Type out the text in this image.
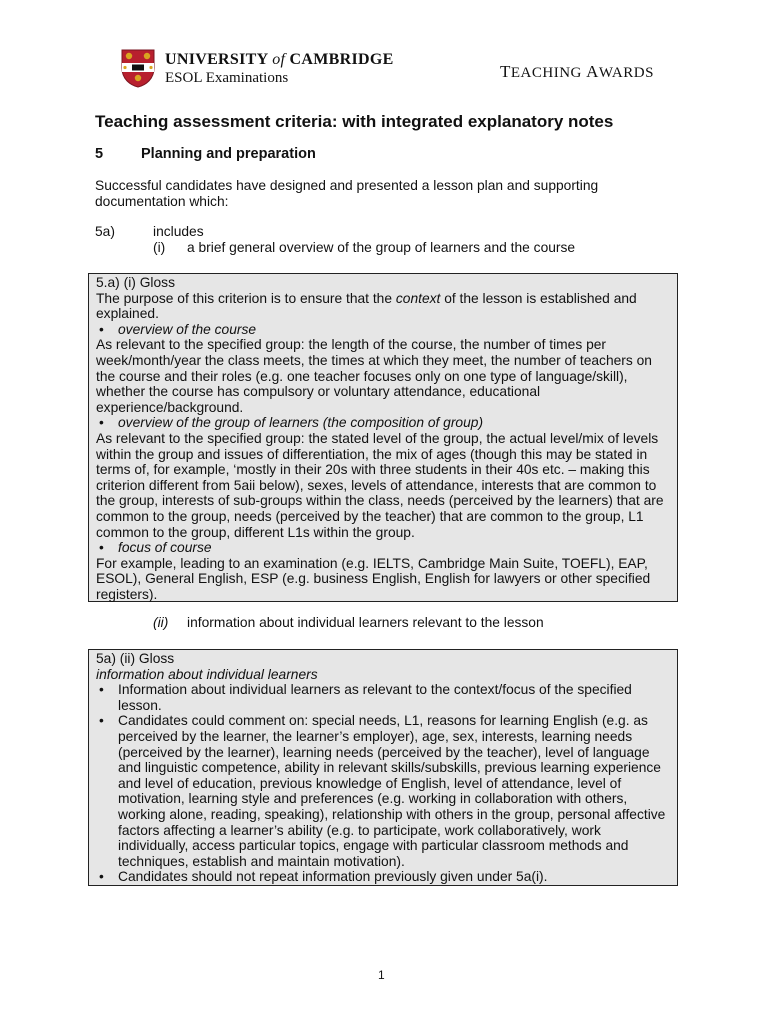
UNIVERSITY of CAMBRIDGE
ESOL Examinations	TEACHING AWARDS
Teaching assessment criteria: with integrated explanatory notes
5	Planning and preparation
Successful candidates have designed and presented a lesson plan and supporting documentation which:
5a)	includes
(i) a brief general overview of the group of learners and the course

5.a) (i) Gloss

The purpose of this criterion is to ensure that the context of the lesson is established and explained.

• overview of the course

As relevant to the specified group: the length of the course, the number of times per week/month/year the class meets, the times at which they meet, the number of teachers on the course and their roles (e.g. one teacher focuses only on one type of language/skill), whether the course has compulsory or voluntary attendance, educational experience/background.

• overview of the group of learners (the composition of group)

As relevant to the specified group: the stated level of the group, the actual level/mix of levels within the group and issues of differentiation, the mix of ages (though this may be stated in terms of, for example, ‘mostly in their 20s with three students in their 40s etc. – making this criterion different from 5aii below), sexes, levels of attendance, interests that are common to the group, interests of sub-groups within the class, needs (perceived by the learners) that are common to the group, needs (perceived by the teacher) that are common to the group, L1 common to the group, different L1s within the group.

• focus of course

For example, leading to an examination (e.g. IELTS, Cambridge Main Suite, TOEFL), EAP, ESOL), General English, ESP (e.g. business English, English for lawyers or other specified registers).

(ii) information about individual learners relevant to the lesson

5a) (ii) Gloss

information about individual learners

• Information about individual learners as relevant to the context/focus of the specified lesson.

• Candidates could comment on: special needs, L1, reasons for learning English (e.g. as perceived by the learner, the learner’s employer), age, sex, interests, learning needs (perceived by the learner), learning needs (perceived by the teacher), level of language and linguistic competence, ability in relevant skills/subskills, previous learning experience and level of education, previous knowledge of English, level of attendance, level of motivation, learning style and preferences (e.g. working in collaboration with others, working alone, reading, speaking), relationship with others in the group, personal affective factors affecting a learner’s ability (e.g. to participate, work collaboratively, work individually, access particular topics, engage with particular classroom methods and techniques, establish and maintain motivation).

• Candidates should not repeat information previously given under 5a(i).

1
